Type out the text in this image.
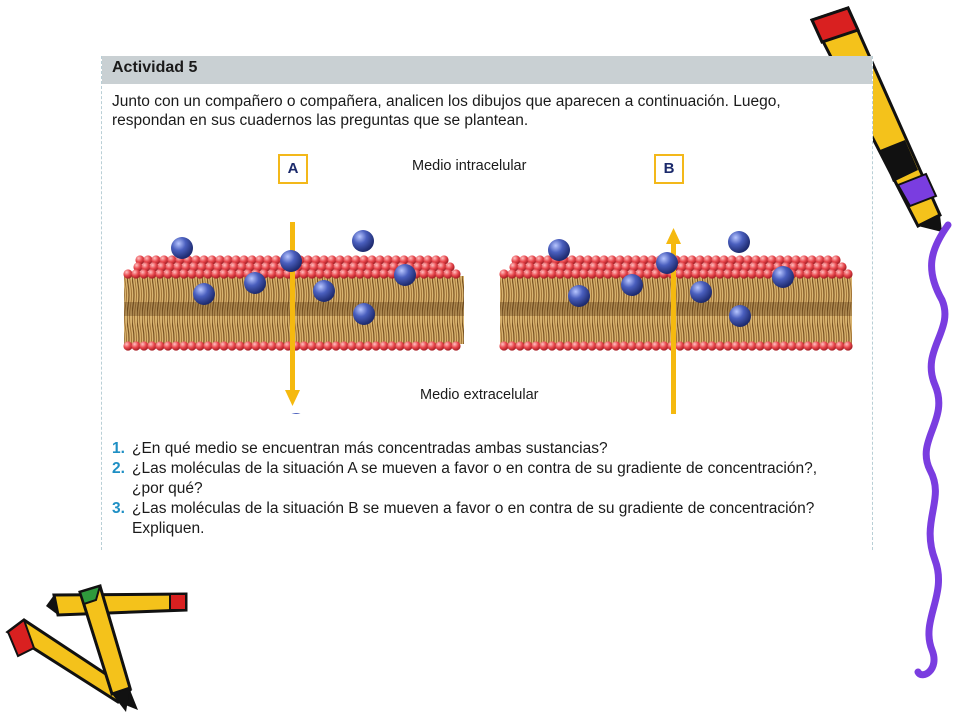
Actividad 5
Junto con un compañero o compañera, analicen los dibujos que aparecen a continuación. Luego,
respondan en sus cuadernos las preguntas que se plantean.
A	B
Medio intracelular
Medio extracelular
1. ¿En qué medio se encuentran más concentradas ambas sustancias?
2. ¿Las moléculas de la situación A se mueven a favor o en contra de su gradiente de concentración?,
¿por qué?
3. ¿Las moléculas de la situación B se mueven a favor o en contra de su gradiente de concentración?
Expliquen.
